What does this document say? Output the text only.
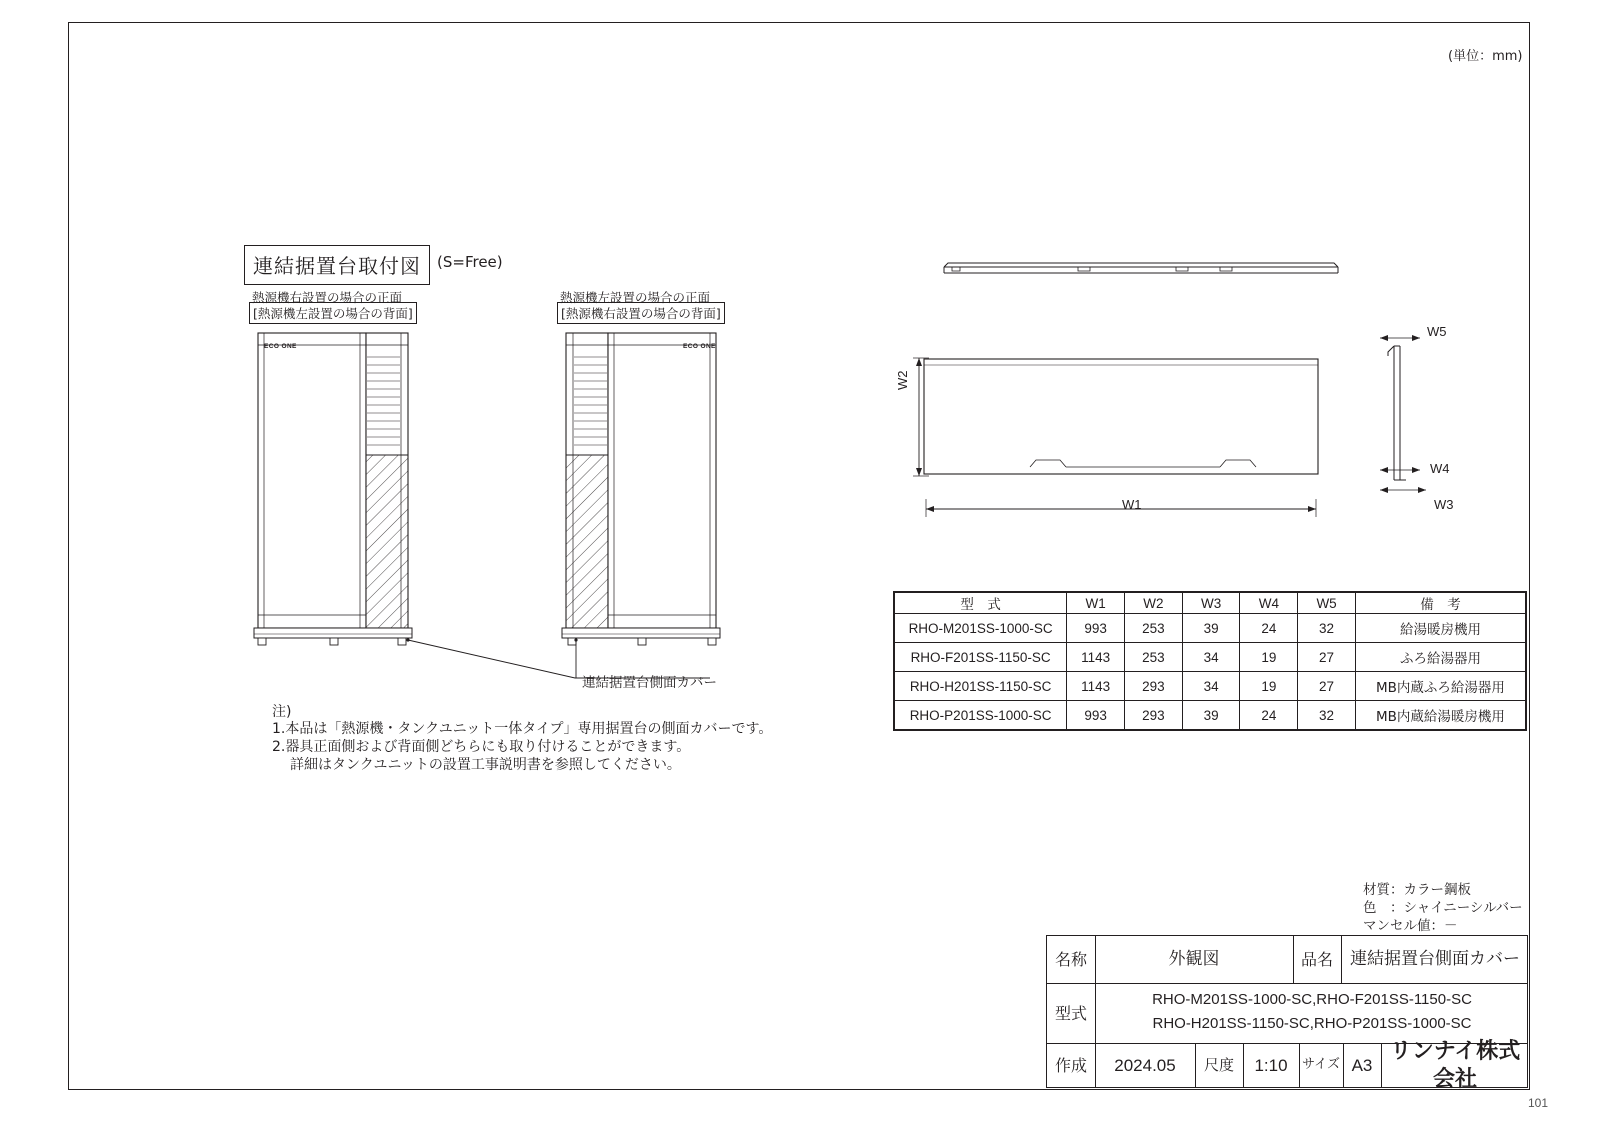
(単位：mm)
連結据置台取付図	(S=Free)
熱源機右設置の場合の正面
[熱源機左設置の場合の背面]
熱源機左設置の場合の正面
[熱源機右設置の場合の背面]
ECO ONE	ECO ONE
連結据置台側面カバー
注)
1.本品は「熱源機・タンクユニット一体タイプ」専用据置台の側面カバーです。
2.器具正面側および背面側どちらにも取り付けることができます。
詳細はタンクユニットの設置工事説明書を参照してください。
W2
W1
W5
W4
W3
型　式	W1	W2	W3	W4	W5	備　考
RHO-M201SS-1000-SC	993	253	39	24	32	給湯暖房機用
RHO-F201SS-1150-SC	1143	253	34	19	27	ふろ給湯器用
RHO-H201SS-1150-SC	1143	293	34	19	27	MB内蔵ふろ給湯器用
RHO-P201SS-1000-SC	993	293	39	24	32	MB内蔵給湯暖房機用
材質：カラー鋼板
色　：シャイニーシルバー
マンセル値：－
名称	外観図	品名	連結据置台側面カバー
型式
RHO-M201SS-1000-SC,RHO-F201SS-1150-SC
RHO-H201SS-1150-SC,RHO-P201SS-1000-SC
作成	2024.05	尺度	1:10	サイズ A3
リンナイ株式会社
101
